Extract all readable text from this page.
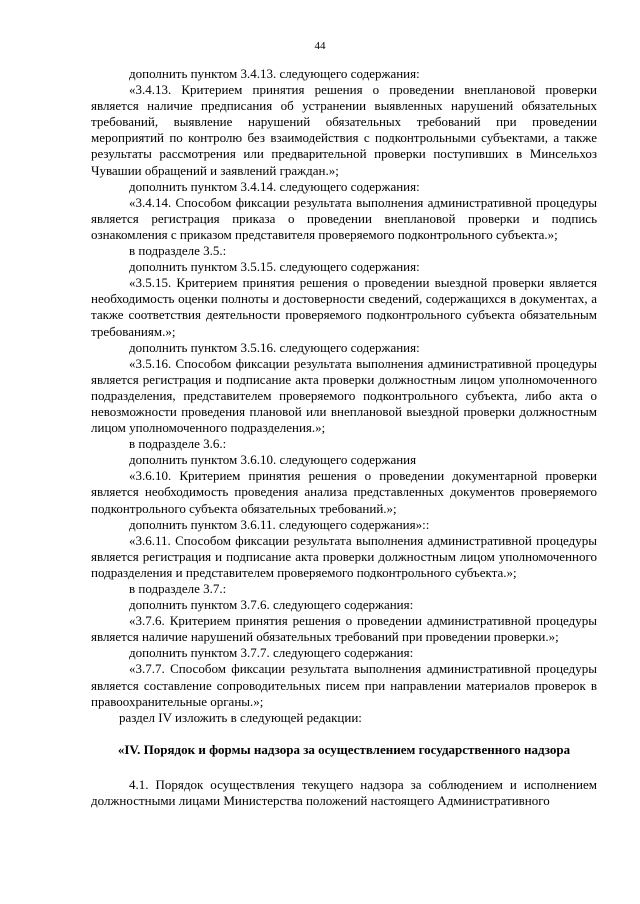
44

дополнить пунктом 3.4.13. следующего содержания:

«3.4.13. Критерием принятия решения о проведении внеплановой проверки является наличие предписания об устранении выявленных нарушений обязательных требований, выявление нарушений обязательных требований при проведении мероприятий по контролю без взаимодействия с подконтрольными субъектами, а также результаты рассмотрения или предварительной проверки поступивших в Минсельхоз Чувашии обращений и заявлений граждан.»;

дополнить пунктом 3.4.14. следующего содержания:

«3.4.14. Способом фиксации результата выполнения административной процедуры является регистрация приказа о проведении внеплановой проверки и подпись ознакомления с приказом представителя проверяемого подконтрольного субъекта.»;

в подразделе 3.5.:

дополнить пунктом 3.5.15. следующего содержания:

«3.5.15. Критерием принятия решения о проведении выездной проверки является необходимость оценки полноты и достоверности сведений, содержащихся в документах, а также соответствия деятельности проверяемого подконтрольного субъекта обязательным требованиям.»;

дополнить пунктом 3.5.16. следующего содержания:

«3.5.16. Способом фиксации результата выполнения административной процедуры является регистрация и подписание акта проверки должностным лицом уполномоченного подразделения, представителем проверяемого подконтрольного субъекта, либо акта о невозможности проведения плановой или внеплановой выездной проверки должностным лицом уполномоченного подразделения.»;

в подразделе 3.6.:

дополнить пунктом 3.6.10. следующего содержания

«3.6.10. Критерием принятия решения о проведении документарной проверки является необходимость проведения анализа представленных документов проверяемого подконтрольного субъекта обязательных требований.»;

дополнить пунктом 3.6.11. следующего содержания»::

«3.6.11. Способом фиксации результата выполнения административной процедуры является регистрация и подписание акта проверки должностным лицом уполномоченного подразделения и представителем проверяемого подконтрольного субъекта.»;

в подразделе 3.7.:

дополнить пунктом 3.7.6. следующего содержания:

«3.7.6. Критерием принятия решения о проведении административной процедуры является наличие нарушений обязательных требований при проведении проверки.»;

дополнить пунктом 3.7.7. следующего содержания:

«3.7.7. Способом фиксации результата выполнения административной процедуры является составление сопроводительных писем при направлении материалов проверок в правоохранительные органы.»;

раздел IV изложить в следующей редакции:

«IV. Порядок и формы надзора за осуществлением государственного надзора

4.1. Порядок осуществления текущего надзора за соблюдением и исполнением должностными лицами Министерства положений настоящего Административного
